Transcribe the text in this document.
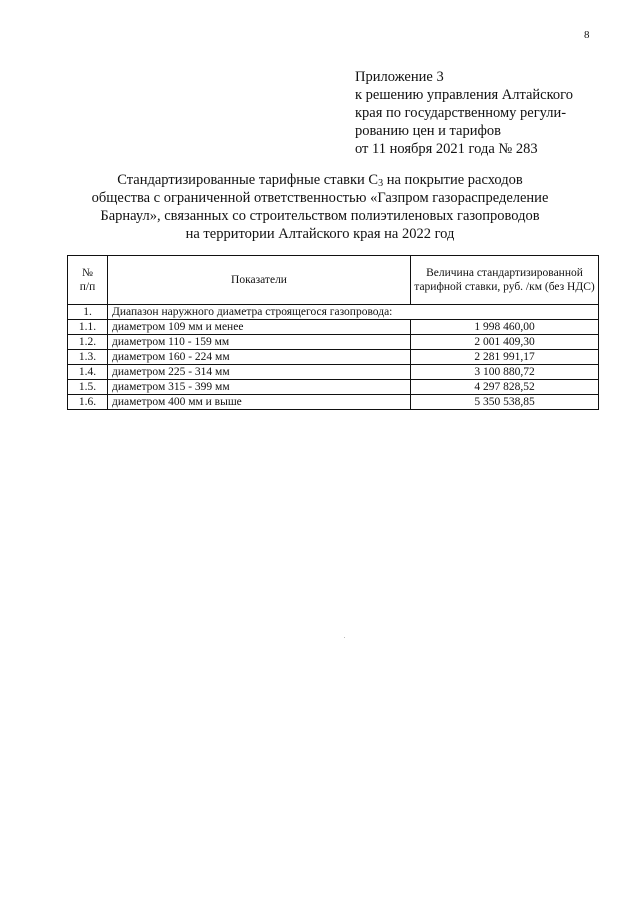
8
Приложение 3
к решению управления Алтайского
края по государственному регули-
рованию цен и тарифов
от 11 ноября 2021 года № 283
Стандартизированные тарифные ставки $С_3$ на покрытие расходов
общества с ограниченной ответственностью «Газпром газораспределение
Барнаул», связанных со строительством полиэтиленовых газопроводов
на территории Алтайского края на 2022 год
№
п/п	Показатели	Величина стандартизированной тарифной ставки, руб. /км (без НДС)
1.	Диапазон наружного диаметра строящегося газопровода:	
1.1.	диаметром 109 мм и менее	1 998 460,00
1.2.	диаметром 110 - 159 мм	2 001 409,30
1.3.	диаметром 160 - 224 мм	2 281 991,17
1.4.	диаметром 225 - 314 мм	3 100 880,72
1.5.	диаметром 315 - 399 мм	4 297 828,52
1.6.	диаметром 400 мм и выше	5 350 538,85
